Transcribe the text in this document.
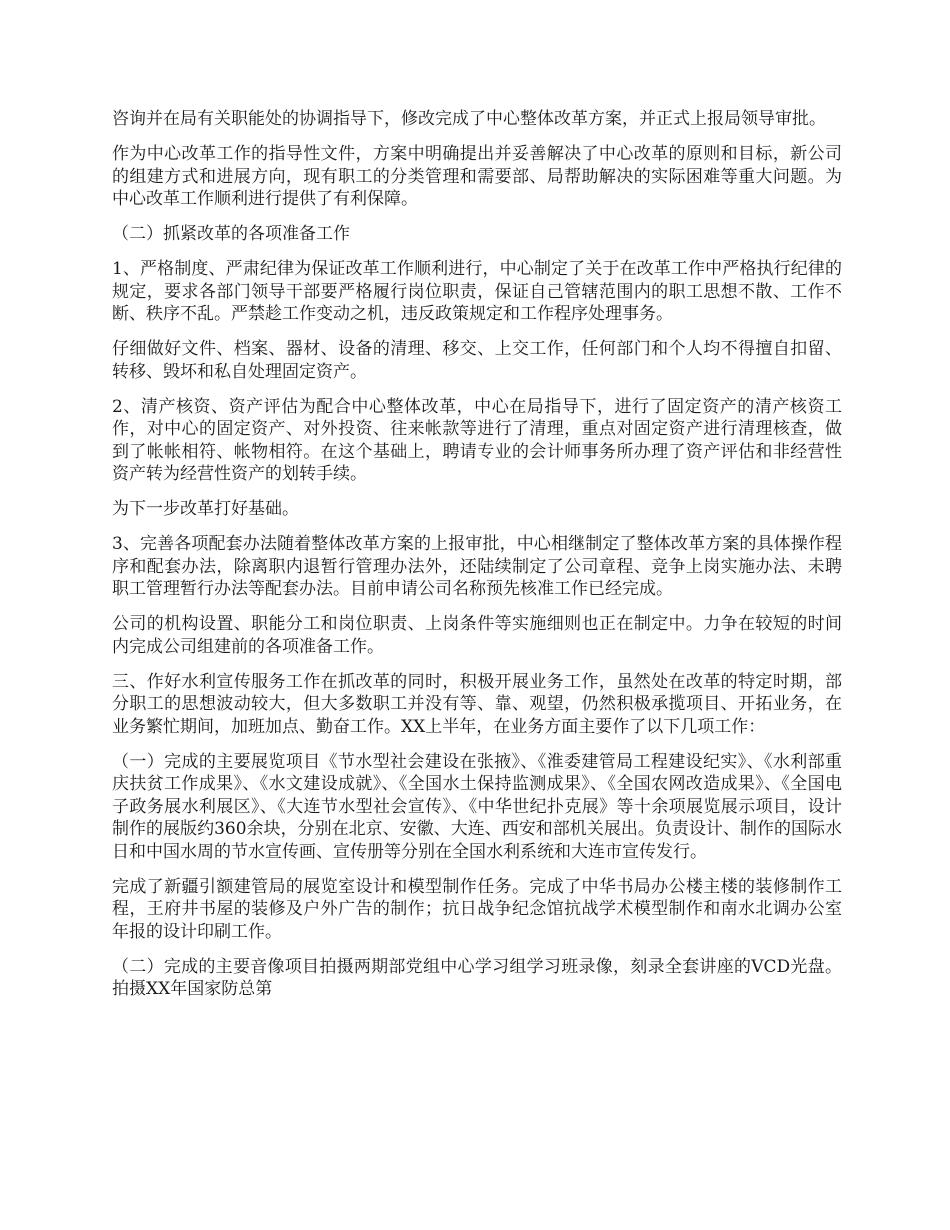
咨询并在局有关职能处的协调指导下，修改完成了中心整体改革方案，并正式上报局领导审批。

作为中心改革工作的指导性文件，方案中明确提出并妥善解决了中心改革的原则和目标，新公司的组建方式和进展方向，现有职工的分类管理和需要部、局帮助解决的实际困难等重大问题。为中心改革工作顺利进行提供了有利保障。

（二）抓紧改革的各项准备工作

1、严格制度、严肃纪律为保证改革工作顺利进行，中心制定了关于在改革工作中严格执行纪律的规定，要求各部门领导干部要严格履行岗位职责，保证自己管辖范围内的职工思想不散、工作不断、秩序不乱。严禁趁工作变动之机，违反政策规定和工作程序处理事务。

仔细做好文件、档案、器材、设备的清理、移交、上交工作，任何部门和个人均不得擅自扣留、转移、毁坏和私自处理固定资产。

2、清产核资、资产评估为配合中心整体改革，中心在局指导下，进行了固定资产的清产核资工作，对中心的固定资产、对外投资、往来帐款等进行了清理，重点对固定资产进行清理核查，做到了帐帐相符、帐物相符。在这个基础上，聘请专业的会计师事务所办理了资产评估和非经营性资产转为经营性资产的划转手续。

为下一步改革打好基础。

3、完善各项配套办法随着整体改革方案的上报审批，中心相继制定了整体改革方案的具体操作程序和配套办法，除离职内退暂行管理办法外，还陆续制定了公司章程、竞争上岗实施办法、未聘职工管理暂行办法等配套办法。目前申请公司名称预先核准工作已经完成。

公司的机构设置、职能分工和岗位职责、上岗条件等实施细则也正在制定中。力争在较短的时间内完成公司组建前的各项准备工作。

三、作好水利宣传服务工作在抓改革的同时，积极开展业务工作，虽然处在改革的特定时期，部分职工的思想波动较大，但大多数职工并没有等、靠、观望，仍然积极承揽项目、开拓业务，在业务繁忙期间，加班加点、勤奋工作。XX上半年，在业务方面主要作了以下几项工作：

（一）完成的主要展览项目《节水型社会建设在张掖》、《淮委建管局工程建设纪实》、《水利部重庆扶贫工作成果》、《水文建设成就》、《全国水土保持监测成果》、《全国农网改造成果》、《全国电子政务展水利展区》、《大连节水型社会宣传》、《中华世纪扑克展》等十余项展览展示项目，设计制作的展版约360余块，分别在北京、安徽、大连、西安和部机关展出。负责设计、制作的国际水日和中国水周的节水宣传画、宣传册等分别在全国水利系统和大连市宣传发行。

完成了新疆引额建管局的展览室设计和模型制作任务。完成了中华书局办公楼主楼的装修制作工程，王府井书屋的装修及户外广告的制作；抗日战争纪念馆抗战学术模型制作和南水北调办公室年报的设计印刷工作。

（二）完成的主要音像项目拍摄两期部党组中心学习组学习班录像，刻录全套讲座的VCD光盘。拍摄XX年国家防总第
